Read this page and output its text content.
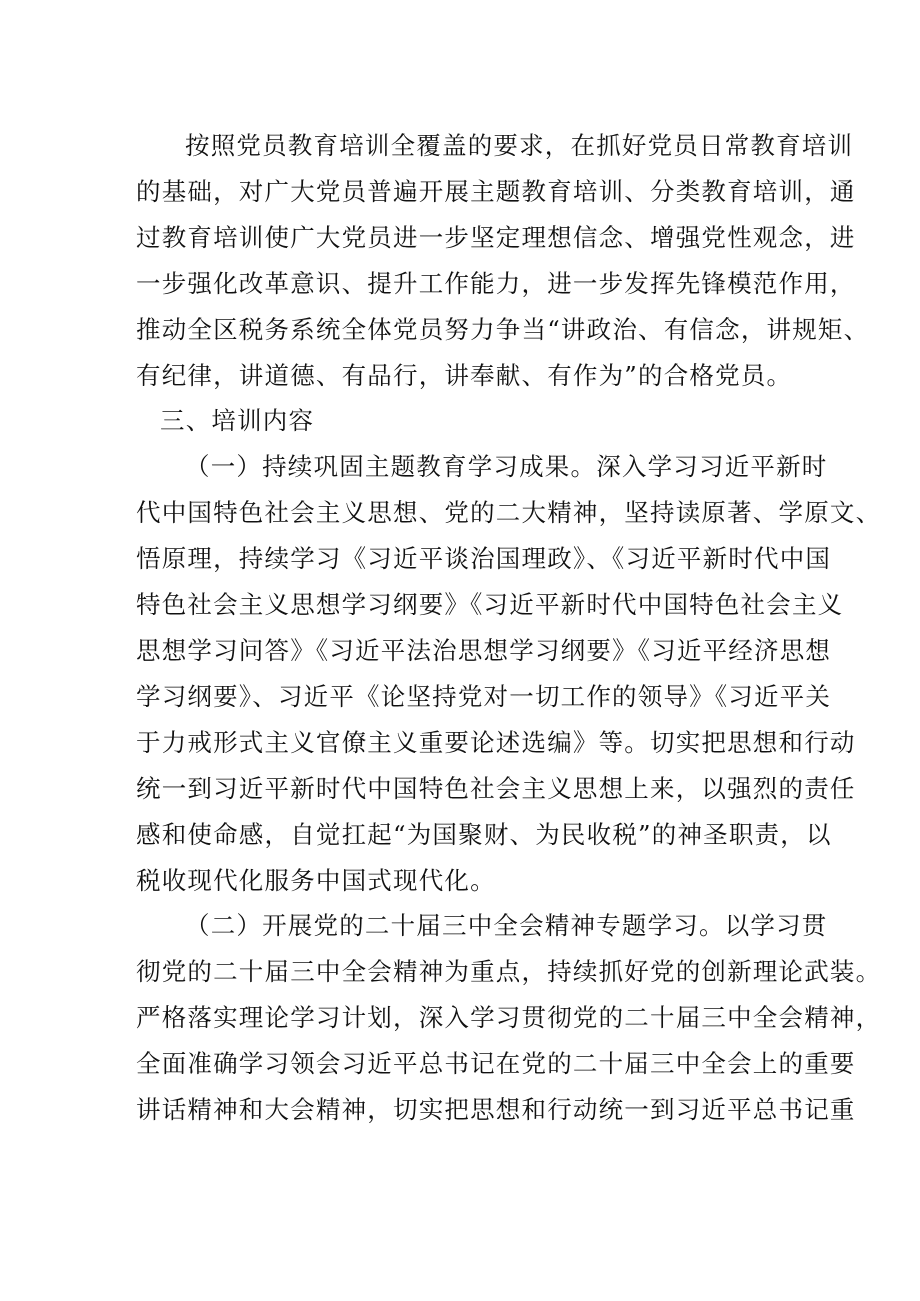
按照党员教育培训全覆盖的要求，在抓好党员日常教育培训
的基础，对广大党员普遍开展主题教育培训、分类教育培训，通
过教育培训使广大党员进一步坚定理想信念、增强党性观念，进
一步强化改革意识、提升工作能力，进一步发挥先锋模范作用，
推动全区税务系统全体党员努力争当“讲政治、有信念，讲规矩、
有纪律，讲道德、有品行，讲奉献、有作为”的合格党员。
三、培训内容
（一）持续巩固主题教育学习成果。深入学习习近平新时
代中国特色社会主义思想、党的二大精神，坚持读原著、学原文、
悟原理，持续学习《习近平谈治国理政》、《习近平新时代中国
特色社会主义思想学习纲要》《习近平新时代中国特色社会主义
思想学习问答》《习近平法治思想学习纲要》《习近平经济思想
学习纲要》、习近平《论坚持党对一切工作的领导》《习近平关
于力戒形式主义官僚主义重要论述选编》等。切实把思想和行动
统一到习近平新时代中国特色社会主义思想上来，以强烈的责任
感和使命感，自觉扛起“为国聚财、为民收税”的神圣职责，以
税收现代化服务中国式现代化。
（二）开展党的二十届三中全会精神专题学习。以学习贯
彻党的二十届三中全会精神为重点，持续抓好党的创新理论武装。
严格落实理论学习计划，深入学习贯彻党的二十届三中全会精神，
全面准确学习领会习近平总书记在党的二十届三中全会上的重要
讲话精神和大会精神，切实把思想和行动统一到习近平总书记重
